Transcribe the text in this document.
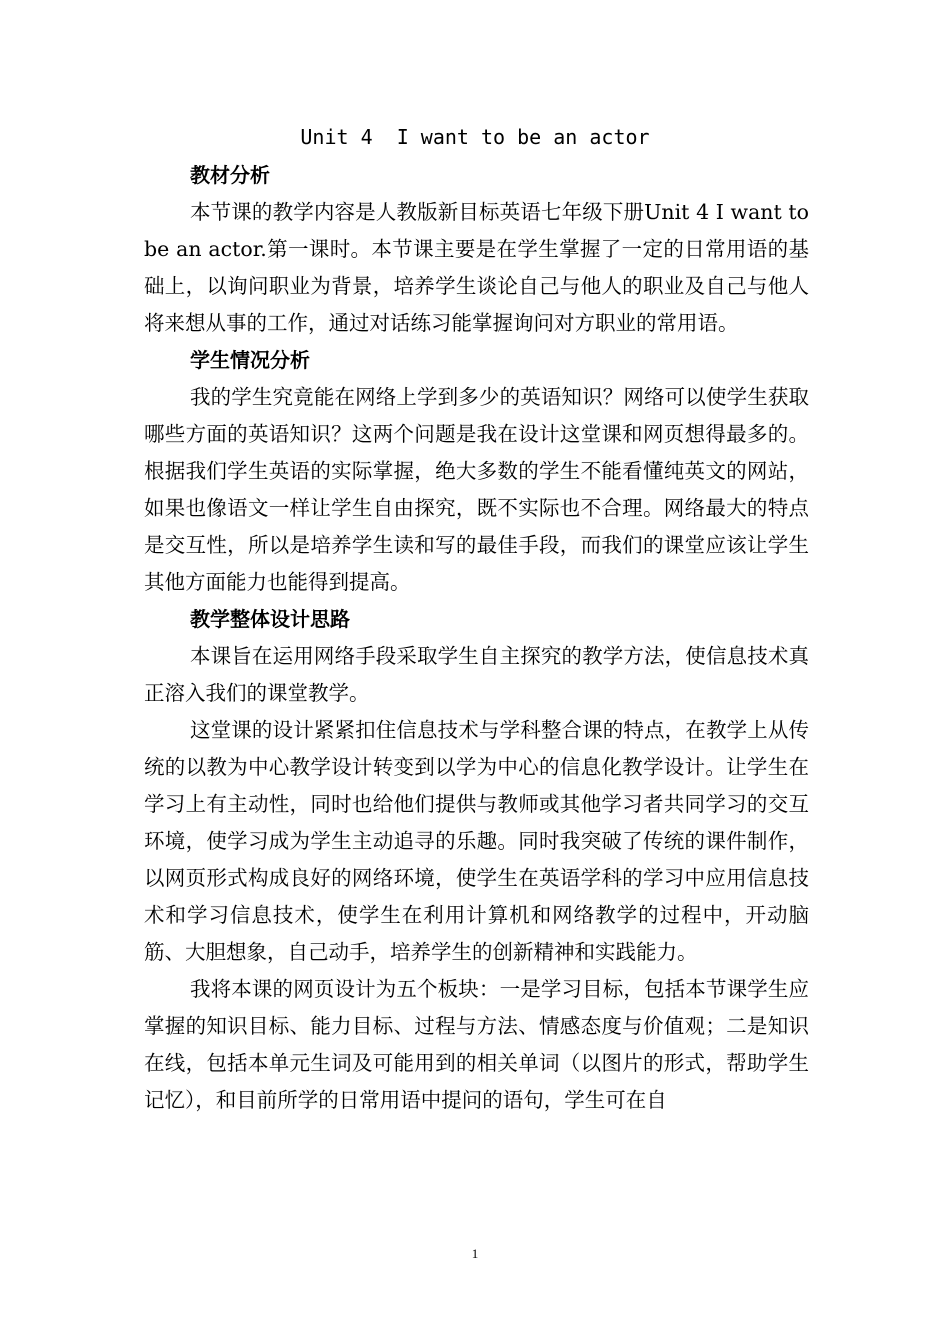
Unit 4  I want to be an actor
教材分析

本节课的教学内容是人教版新目标英语七年级下册Unit 4 I want to be an actor.第一课时。本节课主要是在学生掌握了一定的日常用语的基础上，以询问职业为背景，培养学生谈论自己与他人的职业及自己与他人将来想从事的工作，通过对话练习能掌握询问对方职业的常用语。

学生情况分析

我的学生究竟能在网络上学到多少的英语知识？网络可以使学生获取哪些方面的英语知识？这两个问题是我在设计这堂课和网页想得最多的。根据我们学生英语的实际掌握，绝大多数的学生不能看懂纯英文的网站，如果也像语文一样让学生自由探究，既不实际也不合理。网络最大的特点是交互性，所以是培养学生读和写的最佳手段，而我们的课堂应该让学生其他方面能力也能得到提高。

教学整体设计思路

本课旨在运用网络手段采取学生自主探究的教学方法，使信息技术真正溶入我们的课堂教学。

这堂课的设计紧紧扣住信息技术与学科整合课的特点，在教学上从传统的以教为中心教学设计转变到以学为中心的信息化教学设计。让学生在学习上有主动性，同时也给他们提供与教师或其他学习者共同学习的交互环境，使学习成为学生主动追寻的乐趣。同时我突破了传统的课件制作，以网页形式构成良好的网络环境，使学生在英语学科的学习中应用信息技术和学习信息技术，使学生在利用计算机和网络教学的过程中，开动脑筋、大胆想象，自己动手，培养学生的创新精神和实践能力。

我将本课的网页设计为五个板块：一是学习目标，包括本节课学生应掌握的知识目标、能力目标、过程与方法、情感态度与价值观；二是知识在线，包括本单元生词及可能用到的相关单词（以图片的形式，帮助学生记忆），和目前所学的日常用语中提问的语句，学生可在自

1
